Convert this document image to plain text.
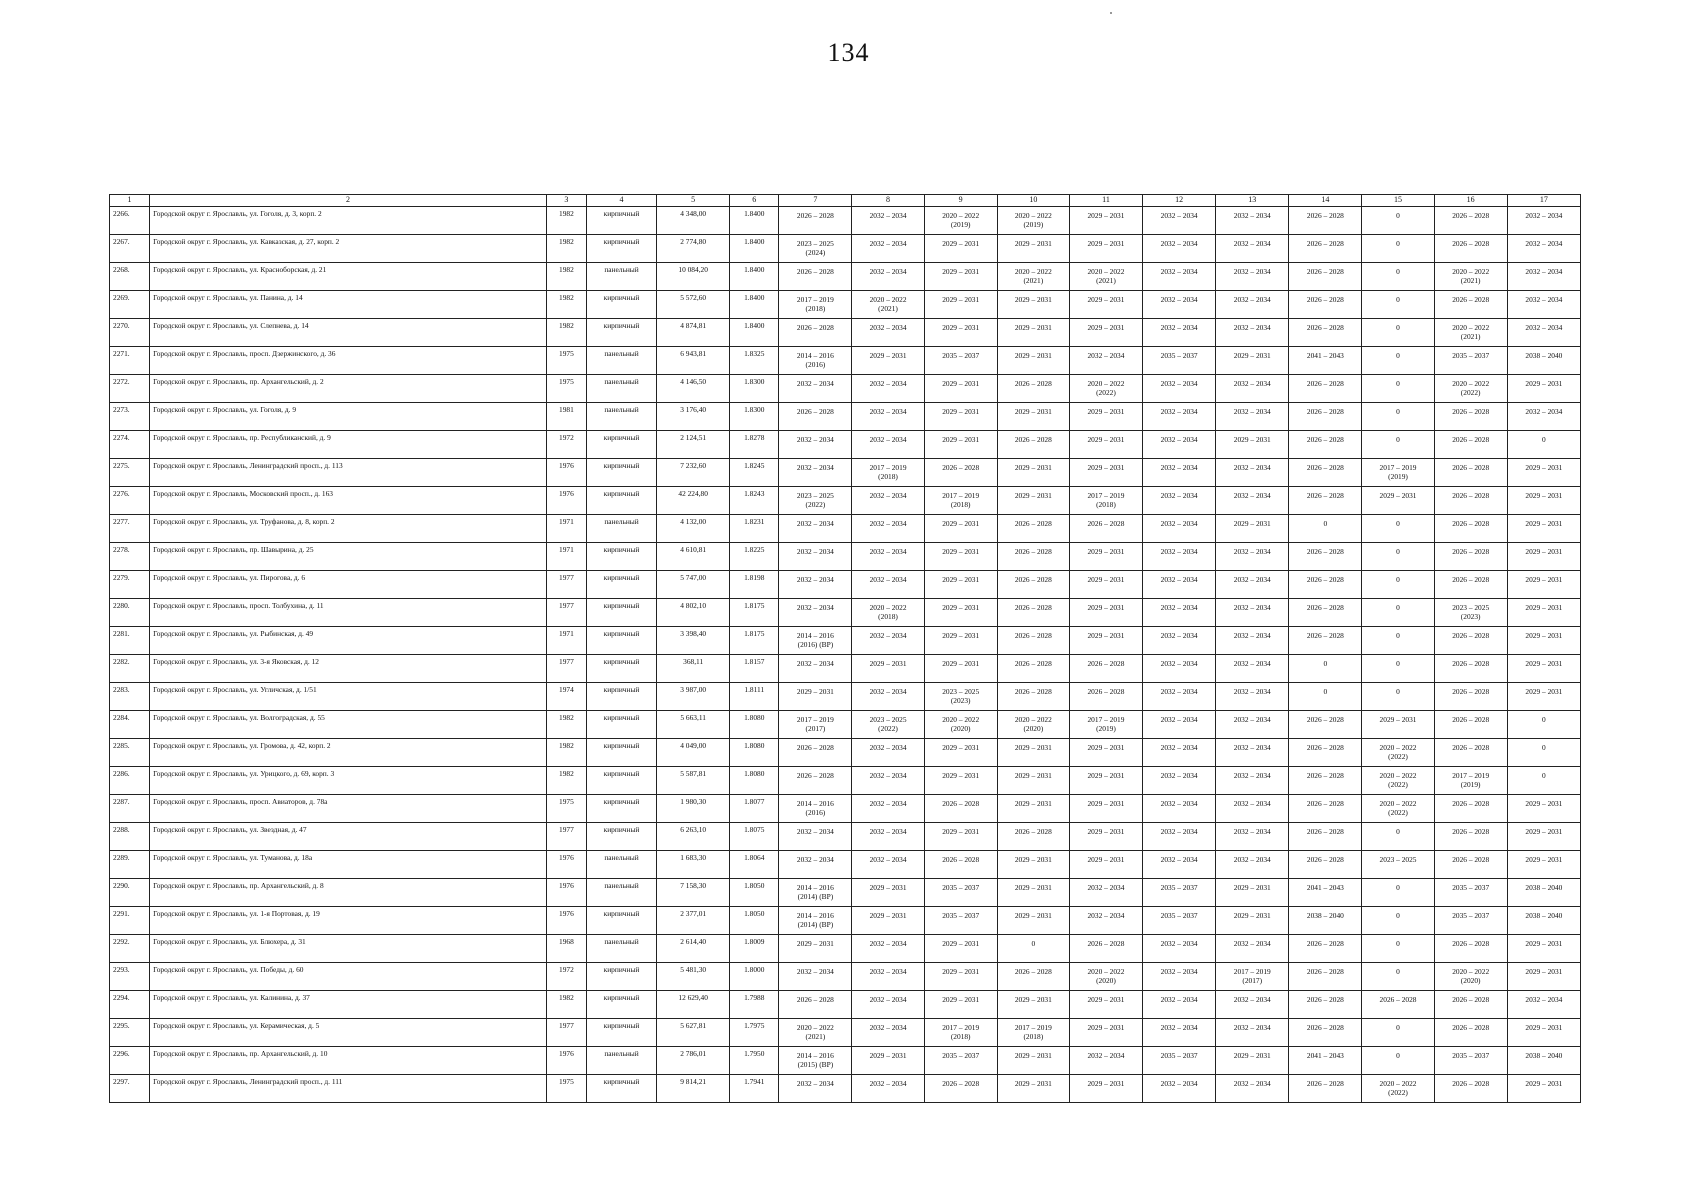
134
1	2	3	4	5	6	7	8	9	10	11	12	13	14	15	16	17

2266.	Городской округ г. Ярославль, ул. Гоголя, д. 3, корп. 2	1982	кирпичный	4 348,00	1.8400	2026 – 2028	2032 – 2034	2020 – 2022
(2019)	2020 – 2022
(2019)	2029 – 2031	2032 – 2034	2032 – 2034	2026 – 2028	0	2026 – 2028	2032 – 2034

2267.	Городской округ г. Ярославль, ул. Кавказская, д. 27, корп. 2	1982	кирпичный	2 774,80	1.8400	2023 – 2025
(2024)	2032 – 2034	2029 – 2031	2029 – 2031	2029 – 2031	2032 – 2034	2032 – 2034	2026 – 2028	0	2026 – 2028	2032 – 2034

2268.	Городской округ г. Ярославль, ул. Красноборская, д. 21	1982	панельный	10 084,20	1.8400	2026 – 2028	2032 – 2034	2029 – 2031	2020 – 2022
(2021)	2020 – 2022
(2021)	2032 – 2034	2032 – 2034	2026 – 2028	0	2020 – 2022
(2021)	2032 – 2034

2269.	Городской округ г. Ярославль, ул. Панина, д. 14	1982	кирпичный	5 572,60	1.8400	2017 – 2019
(2018)	2020 – 2022
(2021)	2029 – 2031	2029 – 2031	2029 – 2031	2032 – 2034	2032 – 2034	2026 – 2028	0	2026 – 2028	2032 – 2034

2270.	Городской округ г. Ярославль, ул. Слепнева, д. 14	1982	кирпичный	4 874,81	1.8400	2026 – 2028	2032 – 2034	2029 – 2031	2029 – 2031	2029 – 2031	2032 – 2034	2032 – 2034	2026 – 2028	0	2020 – 2022
(2021)	2032 – 2034

2271.	Городской округ г. Ярославль, просп. Дзержинского, д. 36	1975	панельный	6 943,81	1.8325	2014 – 2016
(2016)	2029 – 2031	2035 – 2037	2029 – 2031	2032 – 2034	2035 – 2037	2029 – 2031	2041 – 2043	0	2035 – 2037	2038 – 2040

2272.	Городской округ г. Ярославль, пр. Архангельский, д. 2	1975	панельный	4 146,50	1.8300	2032 – 2034	2032 – 2034	2029 – 2031	2026 – 2028	2020 – 2022
(2022)	2032 – 2034	2032 – 2034	2026 – 2028	0	2020 – 2022
(2022)	2029 – 2031

2273.	Городской округ г. Ярославль, ул. Гоголя, д. 9	1981	панельный	3 176,40	1.8300	2026 – 2028	2032 – 2034	2029 – 2031	2029 – 2031	2029 – 2031	2032 – 2034	2032 – 2034	2026 – 2028	0	2026 – 2028	2032 – 2034

2274.	Городской округ г. Ярославль, пр. Республиканский, д. 9	1972	кирпичный	2 124,51	1.8278	2032 – 2034	2032 – 2034	2029 – 2031	2026 – 2028	2029 – 2031	2032 – 2034	2029 – 2031	2026 – 2028	0	2026 – 2028	0

2275.	Городской округ г. Ярославль, Ленинградский просп., д. 113	1976	кирпичный	7 232,60	1.8245	2032 – 2034	2017 – 2019
(2018)	2026 – 2028	2029 – 2031	2029 – 2031	2032 – 2034	2032 – 2034	2026 – 2028	2017 – 2019
(2019)	2026 – 2028	2029 – 2031

2276.	Городской округ г. Ярославль, Московский просп., д. 163	1976	кирпичный	42 224,80	1.8243	2023 – 2025
(2022)	2032 – 2034	2017 – 2019
(2018)	2029 – 2031	2017 – 2019
(2018)	2032 – 2034	2032 – 2034	2026 – 2028	2029 – 2031	2026 – 2028	2029 – 2031

2277.	Городской округ г. Ярославль, ул. Труфанова, д. 8, корп. 2	1971	панельный	4 132,00	1.8231	2032 – 2034	2032 – 2034	2029 – 2031	2026 – 2028	2026 – 2028	2032 – 2034	2029 – 2031	0	0	2026 – 2028	2029 – 2031

2278.	Городской округ г. Ярославль, пр. Шавырина, д. 25	1971	кирпичный	4 610,81	1.8225	2032 – 2034	2032 – 2034	2029 – 2031	2026 – 2028	2029 – 2031	2032 – 2034	2032 – 2034	2026 – 2028	0	2026 – 2028	2029 – 2031

2279.	Городской округ г. Ярославль, ул. Пирогова, д. 6	1977	кирпичный	5 747,00	1.8198	2032 – 2034	2032 – 2034	2029 – 2031	2026 – 2028	2029 – 2031	2032 – 2034	2032 – 2034	2026 – 2028	0	2026 – 2028	2029 – 2031

2280.	Городской округ г. Ярославль, просп. Толбухина, д. 11	1977	кирпичный	4 802,10	1.8175	2032 – 2034	2020 – 2022
(2018)	2029 – 2031	2026 – 2028	2029 – 2031	2032 – 2034	2032 – 2034	2026 – 2028	0	2023 – 2025
(2023)	2029 – 2031

2281.	Городской округ г. Ярославль, ул. Рыбинская, д. 49	1971	кирпичный	3 398,40	1.8175	2014 – 2016
(2016) (ВР)	2032 – 2034	2029 – 2031	2026 – 2028	2029 – 2031	2032 – 2034	2032 – 2034	2026 – 2028	0	2026 – 2028	2029 – 2031

2282.	Городской округ г. Ярославль, ул. 3-я Яковская, д. 12	1977	кирпичный	368,11	1.8157	2032 – 2034	2029 – 2031	2029 – 2031	2026 – 2028	2026 – 2028	2032 – 2034	2032 – 2034	0	0	2026 – 2028	2029 – 2031

2283.	Городской округ г. Ярославль, ул. Угличская, д. 1/51	1974	кирпичный	3 987,00	1.8111	2029 – 2031	2032 – 2034	2023 – 2025
(2023)	2026 – 2028	2026 – 2028	2032 – 2034	2032 – 2034	0	0	2026 – 2028	2029 – 2031

2284.	Городской округ г. Ярославль, ул. Волгоградская, д. 55	1982	кирпичный	5 663,11	1.8080	2017 – 2019
(2017)	2023 – 2025
(2022)	2020 – 2022
(2020)	2020 – 2022
(2020)	2017 – 2019
(2019)	2032 – 2034	2032 – 2034	2026 – 2028	2029 – 2031	2026 – 2028	0

2285.	Городской округ г. Ярославль, ул. Громова, д. 42, корп. 2	1982	кирпичный	4 049,00	1.8080	2026 – 2028	2032 – 2034	2029 – 2031	2029 – 2031	2029 – 2031	2032 – 2034	2032 – 2034	2026 – 2028	2020 – 2022
(2022)	2026 – 2028	0

2286.	Городской округ г. Ярославль, ул. Урицкого, д. 69, корп. 3	1982	кирпичный	5 587,81	1.8080	2026 – 2028	2032 – 2034	2029 – 2031	2029 – 2031	2029 – 2031	2032 – 2034	2032 – 2034	2026 – 2028	2020 – 2022
(2022)	2017 – 2019
(2019)	0

2287.	Городской округ г. Ярославль, просп. Авиаторов, д. 78а	1975	кирпичный	1 980,30	1.8077	2014 – 2016
(2016)	2032 – 2034	2026 – 2028	2029 – 2031	2029 – 2031	2032 – 2034	2032 – 2034	2026 – 2028	2020 – 2022
(2022)	2026 – 2028	2029 – 2031

2288.	Городской округ г. Ярославль, ул. Звездная, д. 47	1977	кирпичный	6 263,10	1.8075	2032 – 2034	2032 – 2034	2029 – 2031	2026 – 2028	2029 – 2031	2032 – 2034	2032 – 2034	2026 – 2028	0	2026 – 2028	2029 – 2031

2289.	Городской округ г. Ярославль, ул. Туманова, д. 18а	1976	панельный	1 683,30	1.8064	2032 – 2034	2032 – 2034	2026 – 2028	2029 – 2031	2029 – 2031	2032 – 2034	2032 – 2034	2026 – 2028	2023 – 2025	2026 – 2028	2029 – 2031

2290.	Городской округ г. Ярославль, пр. Архангельский, д. 8	1976	панельный	7 158,30	1.8050	2014 – 2016
(2014) (ВР)	2029 – 2031	2035 – 2037	2029 – 2031	2032 – 2034	2035 – 2037	2029 – 2031	2041 – 2043	0	2035 – 2037	2038 – 2040

2291.	Городской округ г. Ярославль, ул. 1-я Портовая, д. 19	1976	кирпичный	2 377,01	1.8050	2014 – 2016
(2014) (ВР)	2029 – 2031	2035 – 2037	2029 – 2031	2032 – 2034	2035 – 2037	2029 – 2031	2038 – 2040	0	2035 – 2037	2038 – 2040

2292.	Городской округ г. Ярославль, ул. Блюхера, д. 31	1968	панельный	2 614,40	1.8009	2029 – 2031	2032 – 2034	2029 – 2031	0	2026 – 2028	2032 – 2034	2032 – 2034	2026 – 2028	0	2026 – 2028	2029 – 2031

2293.	Городской округ г. Ярославль, ул. Победы, д. 60	1972	кирпичный	5 481,30	1.8000	2032 – 2034	2032 – 2034	2029 – 2031	2026 – 2028	2020 – 2022
(2020)	2032 – 2034	2017 – 2019
(2017)	2026 – 2028	0	2020 – 2022
(2020)	2029 – 2031

2294.	Городской округ г. Ярославль, ул. Калинина, д. 37	1982	кирпичный	12 629,40	1.7988	2026 – 2028	2032 – 2034	2029 – 2031	2029 – 2031	2029 – 2031	2032 – 2034	2032 – 2034	2026 – 2028	2026 – 2028	2026 – 2028	2032 – 2034

2295.	Городской округ г. Ярославль, ул. Керамическая, д. 5	1977	кирпичный	5 627,81	1.7975	2020 – 2022
(2021)	2032 – 2034	2017 – 2019
(2018)	2017 – 2019
(2018)	2029 – 2031	2032 – 2034	2032 – 2034	2026 – 2028	0	2026 – 2028	2029 – 2031

2296.	Городской округ г. Ярославль, пр. Архангельский, д. 10	1976	панельный	2 786,01	1.7950	2014 – 2016
(2015) (ВР)	2029 – 2031	2035 – 2037	2029 – 2031	2032 – 2034	2035 – 2037	2029 – 2031	2041 – 2043	0	2035 – 2037	2038 – 2040

2297.	Городской округ г. Ярославль, Ленинградский просп., д. 111	1975	кирпичный	9 814,21	1.7941	2032 – 2034	2032 – 2034	2026 – 2028	2029 – 2031	2029 – 2031	2032 – 2034	2032 – 2034	2026 – 2028	2020 – 2022
(2022)	2026 – 2028	2029 – 2031
